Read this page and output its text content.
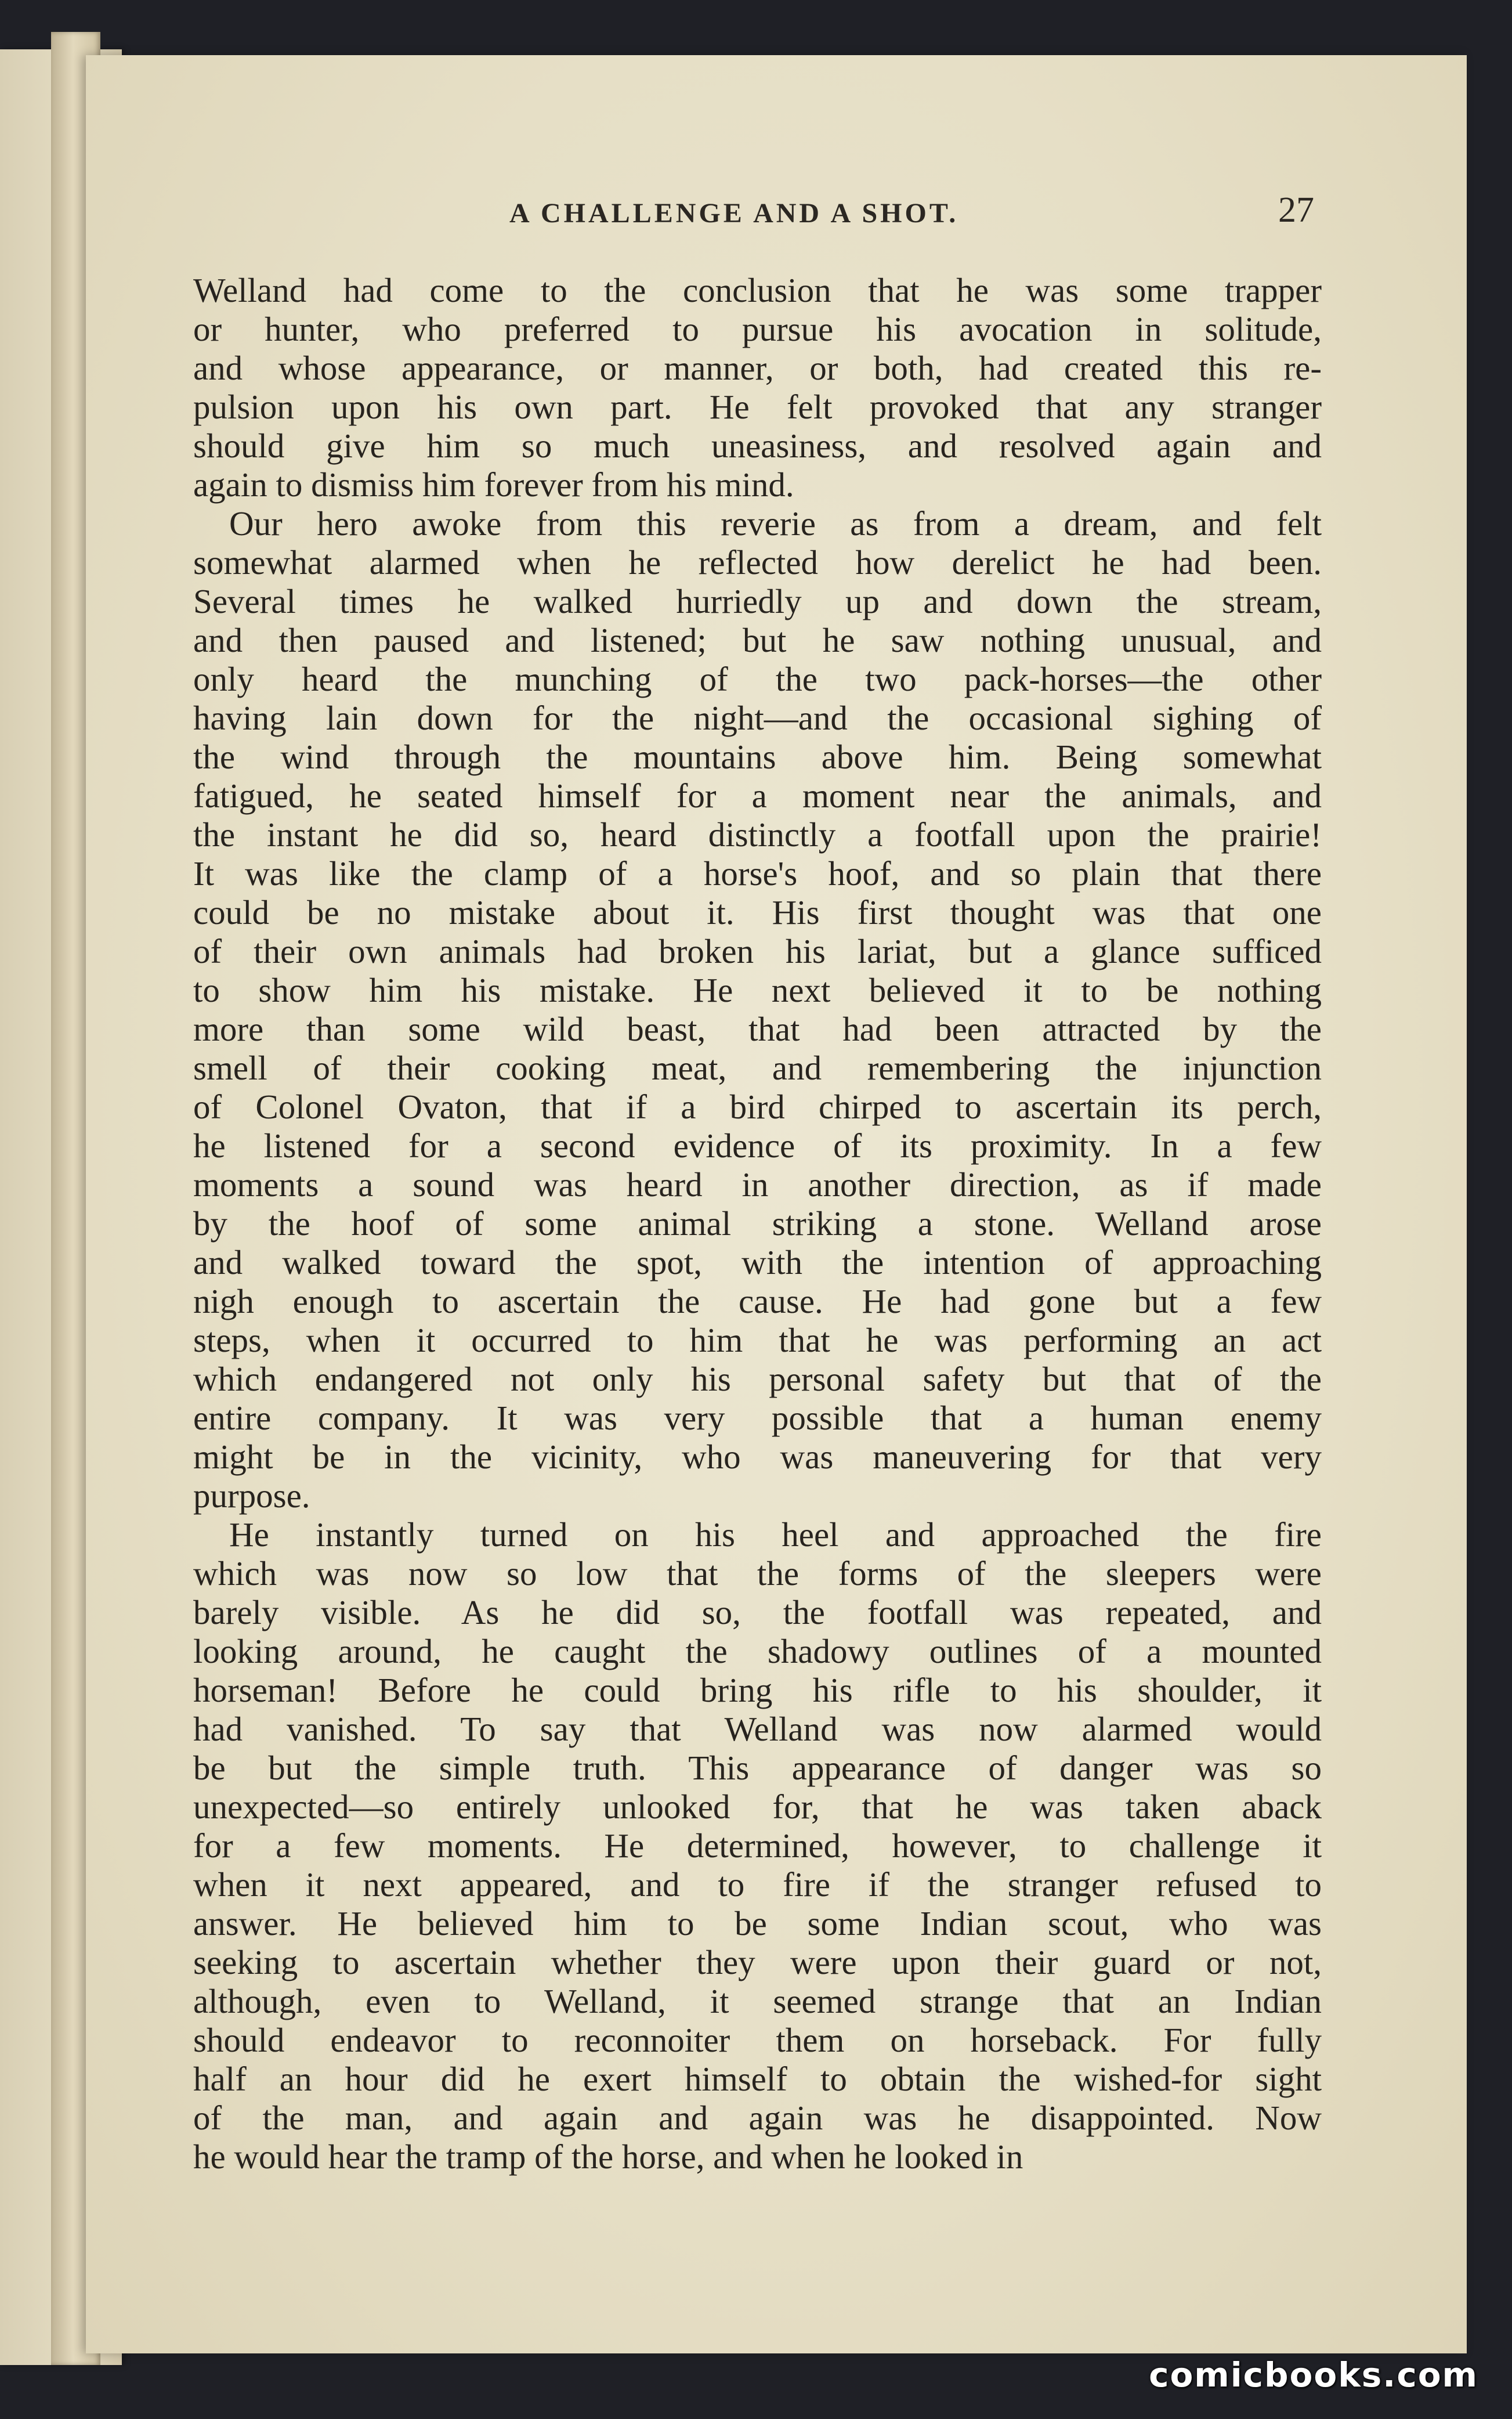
A CHALLENGE AND A SHOT.	27
Welland had come to the conclusion that he was some trapper
or hunter, who preferred to pursue his avocation in solitude,
and whose appearance, or manner, or both, had created this re-
pulsion upon his own part. He felt provoked that any stranger
should give him so much uneasiness, and resolved again and
again to dismiss him forever from his mind.
Our hero awoke from this reverie as from a dream, and felt
somewhat alarmed when he reflected how derelict he had been.
Several times he walked hurriedly up and down the stream,
and then paused and listened; but he saw nothing unusual, and
only heard the munching of the two pack-horses—the other
having lain down for the night—and the occasional sighing of
the wind through the mountains above him. Being somewhat
fatigued, he seated himself for a moment near the animals, and
the instant he did so, heard distinctly a footfall upon the prairie!
It was like the clamp of a horse's hoof, and so plain that there
could be no mistake about it. His first thought was that one
of their own animals had broken his lariat, but a glance sufficed
to show him his mistake. He next believed it to be nothing
more than some wild beast, that had been attracted by the
smell of their cooking meat, and remembering the injunction
of Colonel Ovaton, that if a bird chirped to ascertain its perch,
he listened for a second evidence of its proximity. In a few
moments a sound was heard in another direction, as if made
by the hoof of some animal striking a stone. Welland arose
and walked toward the spot, with the intention of approaching
nigh enough to ascertain the cause. He had gone but a few
steps, when it occurred to him that he was performing an act
which endangered not only his personal safety but that of the
entire company. It was very possible that a human enemy
might be in the vicinity, who was maneuvering for that very
purpose.
He instantly turned on his heel and approached the fire
which was now so low that the forms of the sleepers were
barely visible. As he did so, the footfall was repeated, and
looking around, he caught the shadowy outlines of a mounted
horseman! Before he could bring his rifle to his shoulder, it
had vanished. To say that Welland was now alarmed would
be but the simple truth. This appearance of danger was so
unexpected—so entirely unlooked for, that he was taken aback
for a few moments. He determined, however, to challenge it
when it next appeared, and to fire if the stranger refused to
answer. He believed him to be some Indian scout, who was
seeking to ascertain whether they were upon their guard or not,
although, even to Welland, it seemed strange that an Indian
should endeavor to reconnoiter them on horseback. For fully
half an hour did he exert himself to obtain the wished-for sight
of the man, and again and again was he disappointed. Now
he would hear the tramp of the horse, and when he looked in
comicbooks.com
